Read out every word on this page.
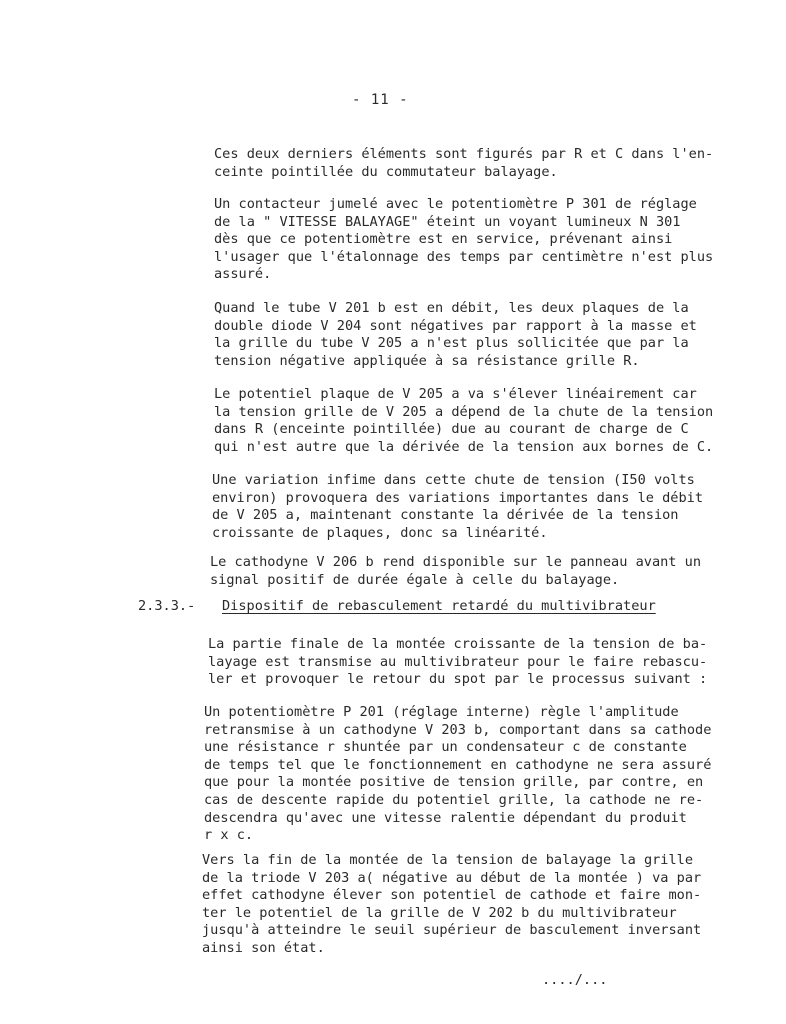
- 11 -

Ces deux derniers éléments sont figurés par R et C dans l'en-
ceinte pointillée du commutateur balayage.

Un contacteur jumelé avec le potentiomètre P 301 de réglage
de la " VITESSE BALAYAGE" éteint un voyant lumineux N 301
dès que ce potentiomètre est en service, prévenant ainsi
l'usager que l'étalonnage des temps par centimètre n'est plus
assuré.

Quand le tube V 201 b est en débit, les deux plaques de la
double diode V 204 sont négatives par rapport à la masse et
la grille du tube V 205 a n'est plus sollicitée que par la
tension négative appliquée à sa résistance grille R.

Le potentiel plaque de V 205 a va s'élever linéairement car
la tension grille de V 205 a dépend de la chute de la tension
dans R (enceinte pointillée) due au courant de charge de C
qui n'est autre que la dérivée de la tension aux bornes de C.

Une variation infime dans cette chute de tension (I50 volts
environ) provoquera des variations importantes dans le débit
de V 205 a, maintenant constante la dérivée de la tension
croissante de plaques, donc sa linéarité.

Le cathodyne V 206 b rend disponible sur le panneau avant un
signal positif de durée égale à celle du balayage.

2.3.3.- Dispositif de rebasculement retardé du multivibrateur

La partie finale de la montée croissante de la tension de ba-
layage est transmise au multivibrateur pour le faire rebascu-
ler et provoquer le retour du spot par le processus suivant :

Un potentiomètre P 201 (réglage interne) règle l'amplitude
retransmise à un cathodyne V 203 b, comportant dans sa cathode
une résistance r shuntée par un condensateur c de constante
de temps tel que le fonctionnement en cathodyne ne sera assuré
que pour la montée positive de tension grille, par contre, en
cas de descente rapide du potentiel grille, la cathode ne re-
descendra qu'avec une vitesse ralentie dépendant du produit
r x c.

Vers la fin de la montée de la tension de balayage la grille
de la triode V 203 a( négative au début de la montée ) va par
effet cathodyne élever son potentiel de cathode et faire mon-
ter le potentiel de la grille de V 202 b du multivibrateur
jusqu'à atteindre le seuil supérieur de basculement inversant
ainsi son état.

..../...
